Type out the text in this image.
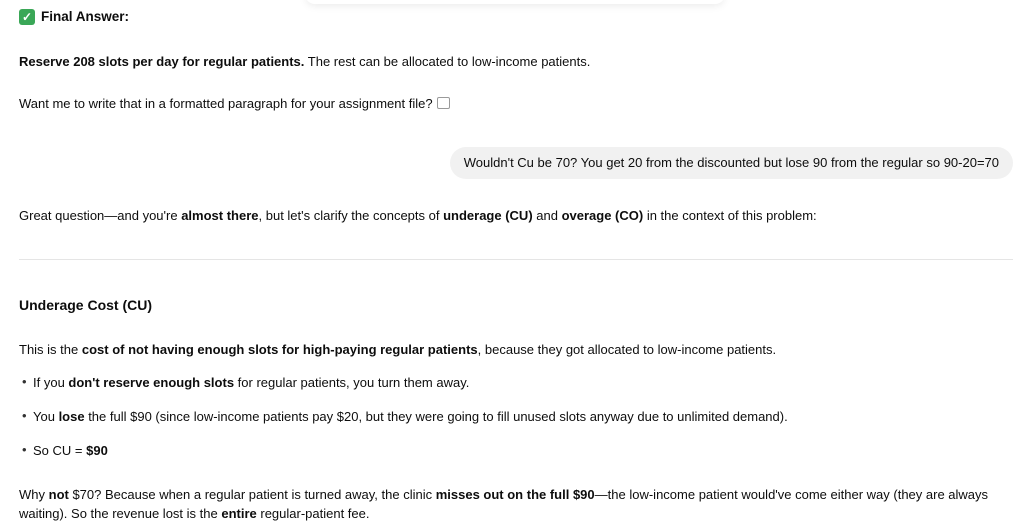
✓ Final Answer:
Reserve 208 slots per day for regular patients. The rest can be allocated to low-income patients.
Want me to write that in a formatted paragraph for your assignment file?
Wouldn't Cu be 70? You get 20 from the discounted but lose 90 from the regular so 90-20=70
Great question—and you're almost there, but let's clarify the concepts of underage (CU) and overage (CO) in the context of this problem:
Underage Cost (CU)
This is the cost of not having enough slots for high-paying regular patients, because they got allocated to low-income patients.
• If you don't reserve enough slots for regular patients, you turn them away.
• You lose the full $90 (since low-income patients pay $20, but they were going to fill unused slots anyway due to unlimited demand).
• So CU = $90
Why not $70? Because when a regular patient is turned away, the clinic misses out on the full $90—the low-income patient would've come either way (they are always waiting). So the revenue lost is the entire regular-patient fee.
